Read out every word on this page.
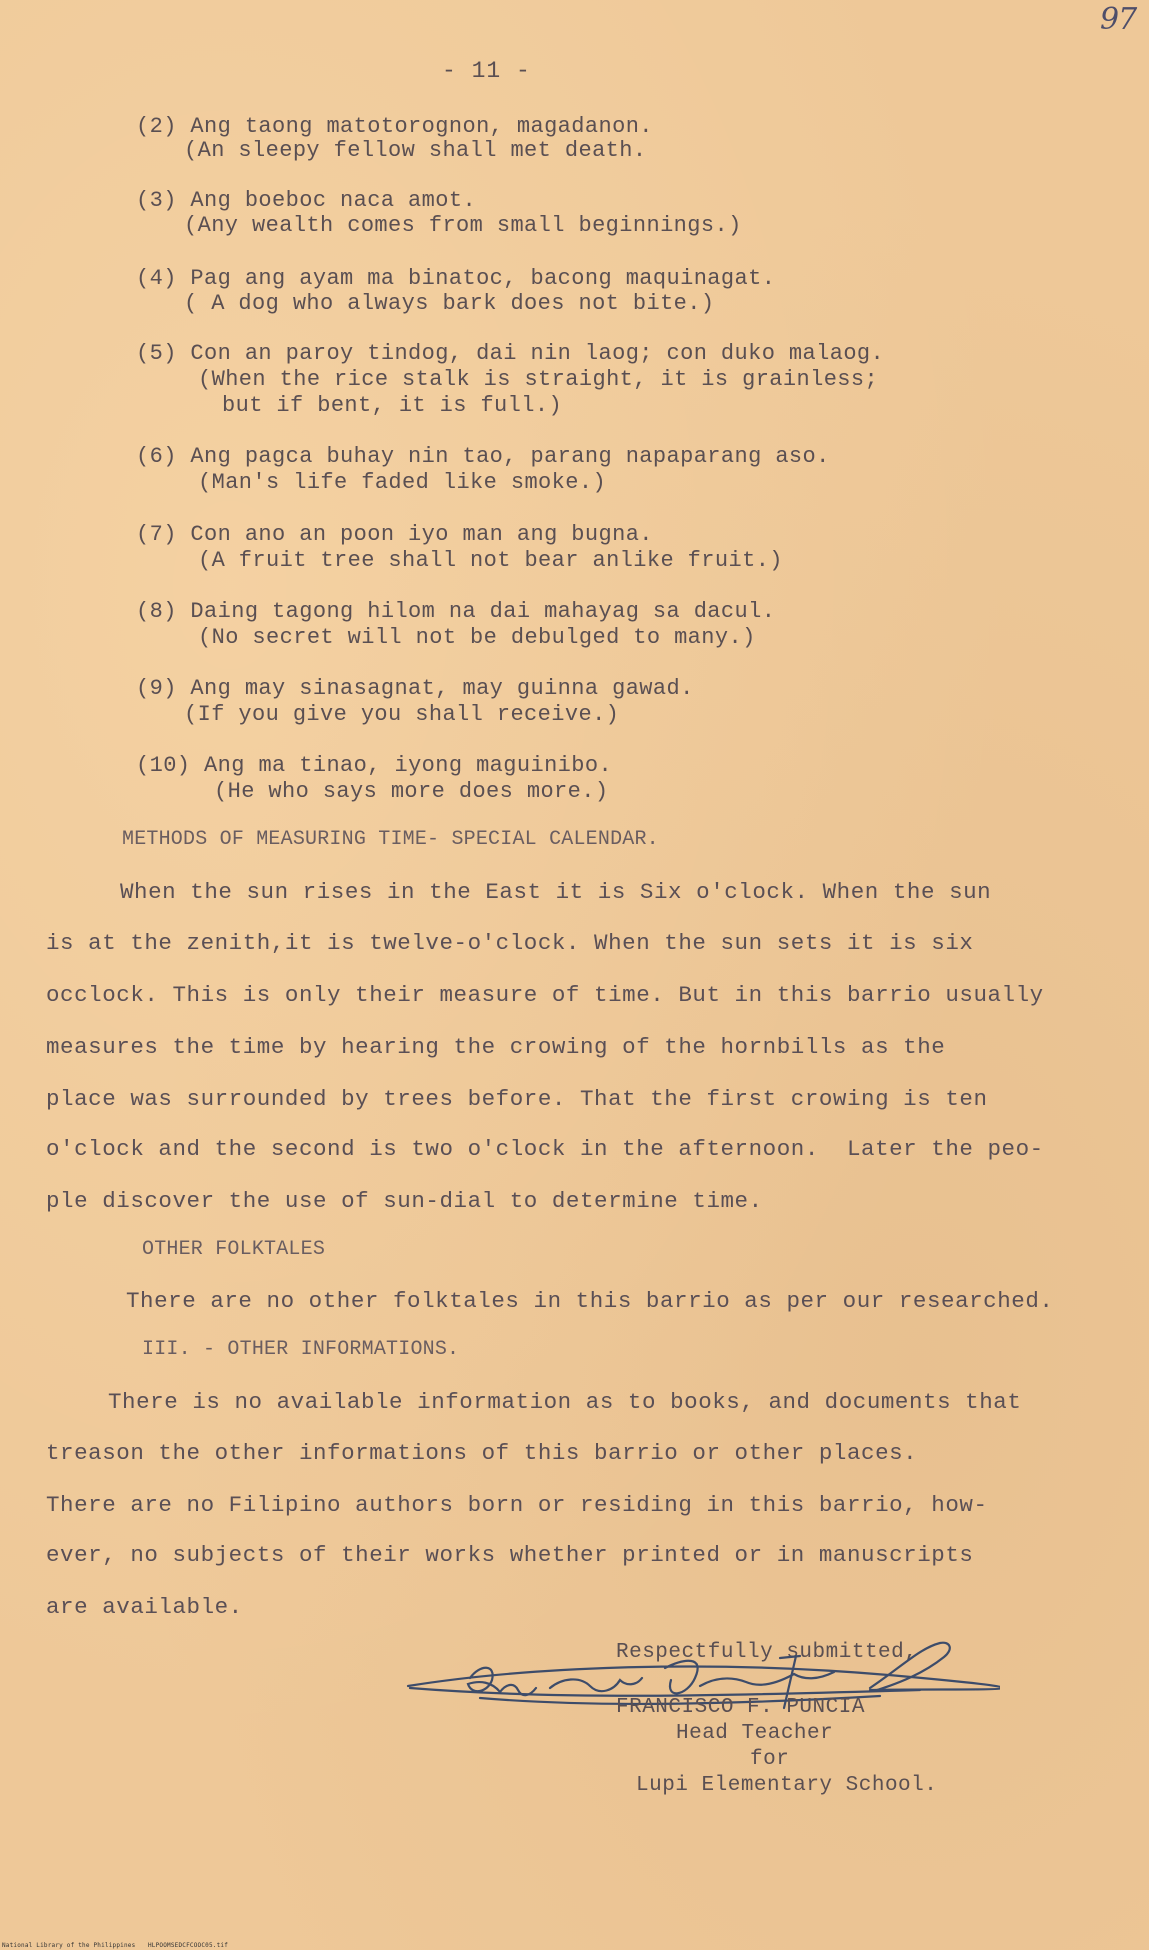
97
- 11 -
(2) Ang taong matotorognon, magadanon.
(An sleepy fellow shall met death.
(3) Ang boeboc naca amot.
(Any wealth comes from small beginnings.)
(4) Pag ang ayam ma binatoc, bacong maquinagat.
( A dog who always bark does not bite.)
(5) Con an paroy tindog, dai nin laog; con duko malaog.
(When the rice stalk is straight, it is grainless;
but if bent, it is full.)
(6) Ang pagca buhay nin tao, parang napaparang aso.
(Man's life faded like smoke.)
(7) Con ano an poon iyo man ang bugna.
(A fruit tree shall not bear anlike fruit.)
(8) Daing tagong hilom na dai mahayag sa dacul.
(No secret will not be debulged to many.)
(9) Ang may sinasagnat, may guinna gawad.
(If you give you shall receive.)
(10) Ang ma tinao, iyong maguinibo.
(He who says more does more.)
METHODS OF MEASURING TIME- SPECIAL CALENDAR.
When the sun rises in the East it is Six o'clock. When the sun
is at the zenith,it is twelve-o'clock. When the sun sets it is six
occlock. This is only their measure of time. But in this barrio usually
measures the time by hearing the crowing of the hornbills as the
place was surrounded by trees before. That the first crowing is ten
o'clock and the second is two o'clock in the afternoon.  Later the peo-
ple discover the use of sun-dial to determine time.
OTHER FOLKTALES
There are no other folktales in this barrio as per our researched.
III. - OTHER INFORMATIONS.
There is no available information as to books, and documents that
treason the other informations of this barrio or other places.
There are no Filipino authors born or residing in this barrio, how-
ever, no subjects of their works whether printed or in manuscripts
are available.
Respectfully submitted,
FRANCISCO F. PUNCIA
Head Teacher
for
Lupi Elementary School.
National Library of the Philippines HLPOOMSEDCFCOOC05.tif
